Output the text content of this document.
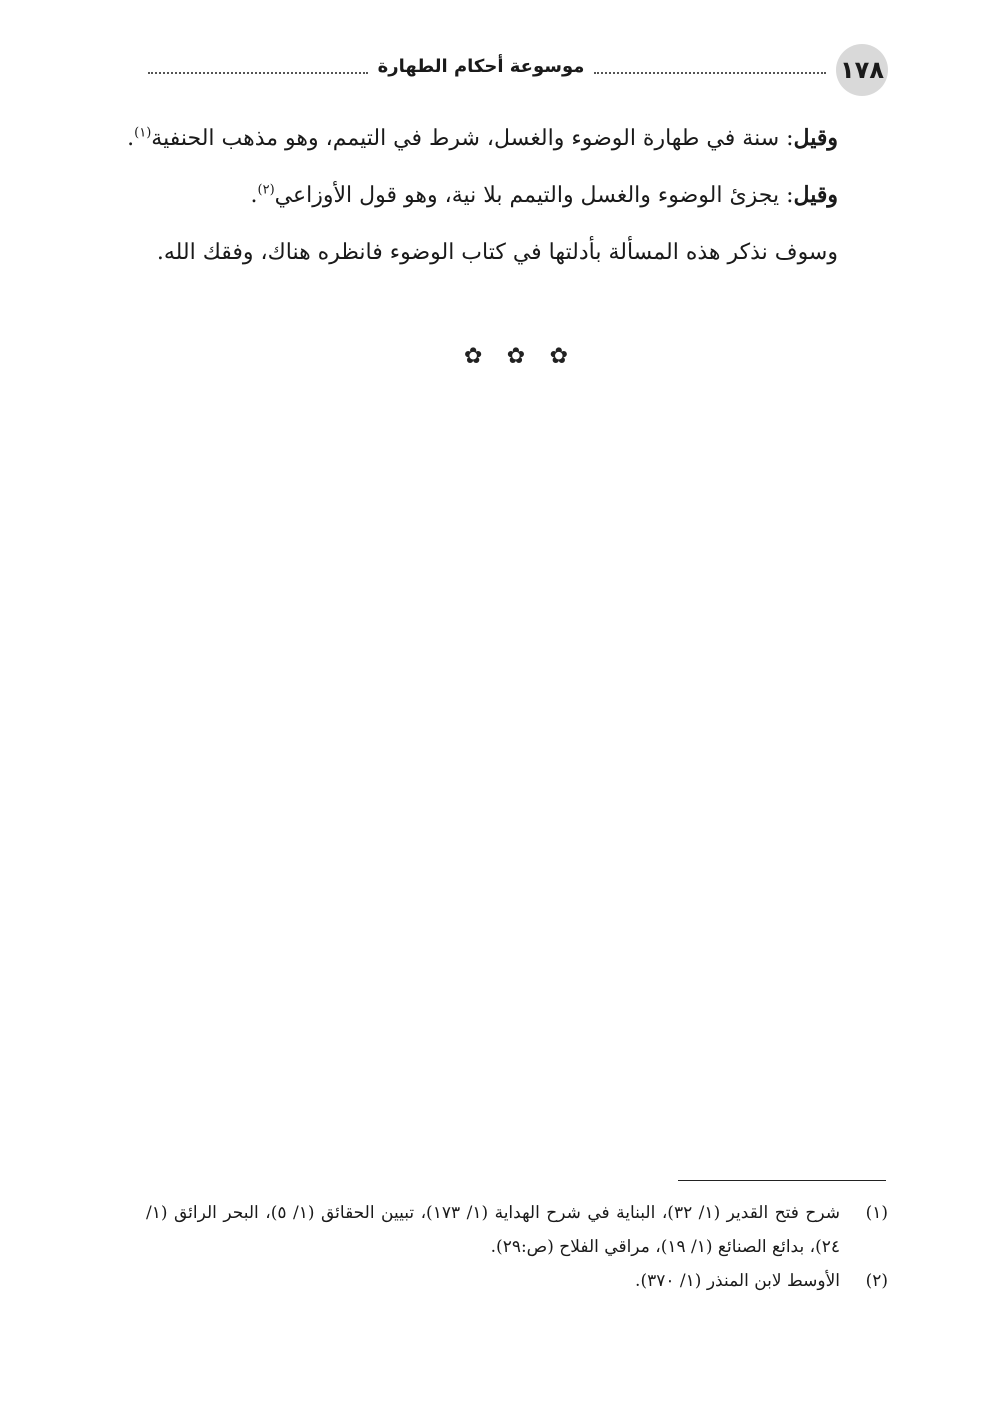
١٧٨
موسوعة أحكام الطهارة

وقيل: سنة في طهارة الوضوء والغسل، شرط في التيمم، وهو مذهب الحنفية$^{(١)}$.

وقيل: يجزئ الوضوء والغسل والتيمم بلا نية، وهو قول الأوزاعي$^{(٢)}$.

وسوف نذكر هذه المسألة بأدلتها في كتاب الوضوء فانظره هناك، وفقك الله.

✿ ✿ ✿
(١)
شرح فتح القدير (١/ ٣٢)، البناية في شرح الهداية (١/ ١٧٣)، تبيين الحقائق (١/ ٥)، البحر الرائق (١/ ٢٤)، بدائع الصنائع (١/ ١٩)، مراقي الفلاح (ص:٢٩).
(٢)
الأوسط لابن المنذر (١/ ٣٧٠).
